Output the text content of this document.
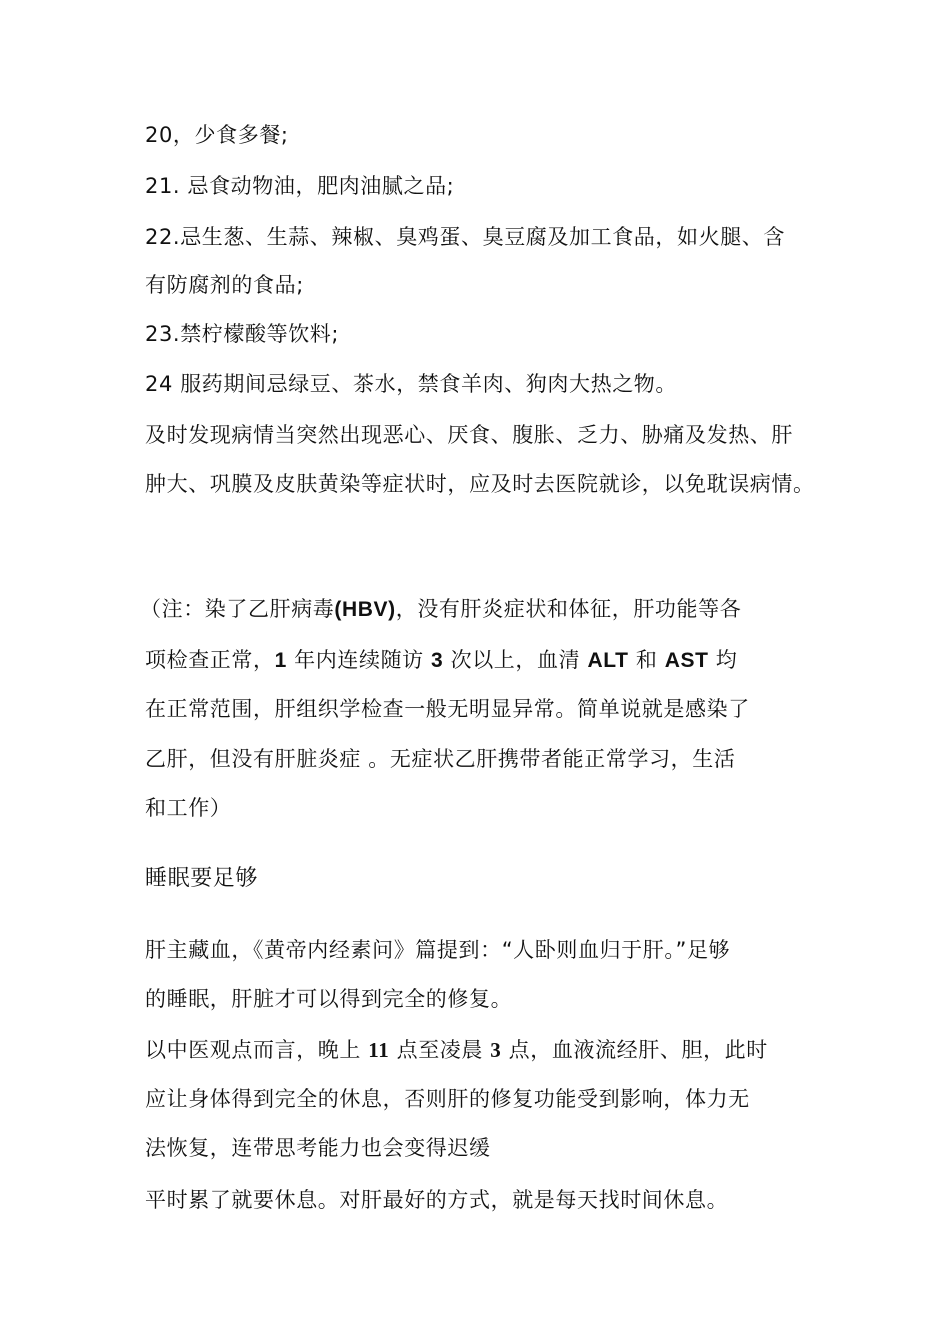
20，少食多餐;
21. 忌食动物油，肥肉油腻之品;
22.忌生葱、生蒜、辣椒、臭鸡蛋、臭豆腐及加工食品，如火腿、含
有防腐剂的食品;
23.禁柠檬酸等饮料;
24 服药期间忌绿豆、茶水，禁食羊肉、狗肉大热之物。
及时发现病情当突然出现恶心、厌食、腹胀、乏力、胁痛及发热、肝
肿大、巩膜及皮肤黄染等症状时，应及时去医院就诊，以免耽误病情。
（注：染了乙肝病毒(HBV)，没有肝炎症状和体征，肝功能等各
项检查正常，1 年内连续随访 3 次以上，血清 ALT 和 AST 均
在正常范围，肝组织学检查一般无明显异常。简单说就是感染了
乙肝，但没有肝脏炎症 。无症状乙肝携带者能正常学习，生活
和工作）
睡眠要足够
肝主藏血，《黄帝内经素问》篇提到：“人卧则血归于肝。”足够
的睡眠，肝脏才可以得到完全的修复。
以中医观点而言，晚上 11 点至凌晨 3 点，血液流经肝、胆，此时
应让身体得到完全的休息，否则肝的修复功能受到影响，体力无
法恢复，连带思考能力也会变得迟缓
平时累了就要休息。对肝最好的方式，就是每天找时间休息。
